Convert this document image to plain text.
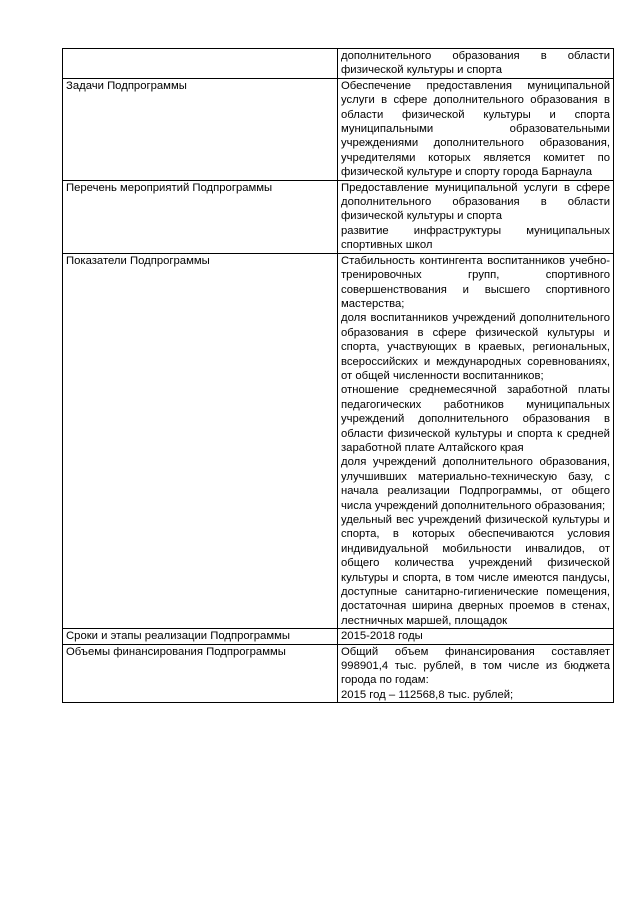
	дополнительного образования в области физической культуры и спорта

Задачи Подпрограммы	Обеспечение предоставления муниципальной услуги в сфере дополнительного образования в области физической культуры и спорта муниципальными образовательными учреждениями дополнительного образования, учредителями которых является комитет по физической культуре и спорту города Барнаула

Перечень мероприятий Подпрограммы	Предоставление муниципальной услуги в сфере дополнительного образования в области физической культуры и спорта
развитие инфраструктуры муниципальных спортивных школ

Показатели Подпрограммы	Стабильность контингента воспитанников учебно-тренировочных групп, спортивного совершенствования и высшего спортивного мастерства;
доля воспитанников учреждений дополнительного образования в сфере физической культуры и спорта, участвующих в краевых, региональных, всероссийских и международных соревнованиях, от общей численности воспитанников;
отношение среднемесячной заработной платы педагогических работников муниципальных учреждений дополнительного образования в области физической культуры и спорта к средней заработной плате Алтайского края
доля учреждений дополнительного образования, улучшивших материально-техническую базу, с начала реализации Подпрограммы, от общего числа учреждений дополнительного образования;
удельный вес учреждений физической культуры и спорта, в которых обеспечиваются условия индивидуальной мобильности инвалидов, от общего количества учреждений физической культуры и спорта, в том числе имеются пандусы, доступные санитарно-гигиенические помещения, достаточная ширина дверных проемов в стенах, лестничных маршей, площадок

Сроки и этапы реализации Подпрограммы	2015-2018 годы

Объемы финансирования Подпрограммы	Общий объем финансирования составляет 998901,4 тыс. рублей, в том числе из бюджета города по годам:
2015 год – 112568,8 тыс. рублей;
